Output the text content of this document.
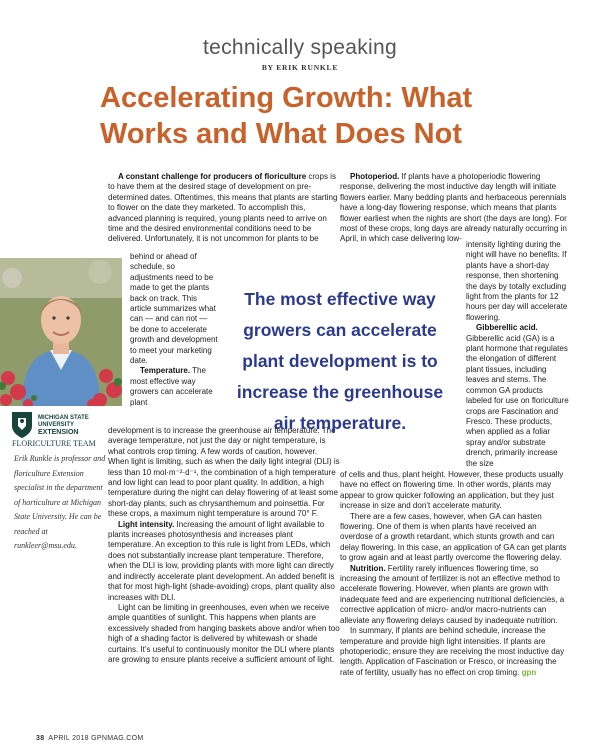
technically speaking
BY ERIK RUNKLE
Accelerating Growth: What Works and What Does Not

A constant challenge for producers of floriculture crops is to have them at the desired stage of development on pre-determined dates. Oftentimes, this means that plants are starting to flower on the date they marketed. To accomplish this, advanced planning is required, young plants need to arrive on time and the desired environmental conditions need to be delivered. Unfortunately, it is not uncommon for plants to be

behind or ahead of schedule, so adjustments need to be made to get the plants back on track. This article summarizes what can — and can not — be done to accelerate growth and development to meet your marketing date.

Temperature. The most effective way growers can accelerate plant

development is to increase the greenhouse air temperature. The average temperature, not just the day or night temperature, is what controls crop timing. A few words of caution, however. When light is limiting, such as when the daily light integral (DLI) is less than 10 mol·m⁻²·d⁻¹, the combination of a high temperature and low light can lead to poor plant quality. In addition, a high temperature during the night can delay flowering of at least some short-day plants, such as chrysanthemum and poinsettia. For these crops, a maximum night temperature is around 70° F.

Light intensity. Increasing the amount of light available to plants increases photosynthesis and increases plant temperature. An exception to this rule is light from LEDs, which does not substantially increase plant temperature. Therefore, when the DLI is low, providing plants with more light can directly and indirectly accelerate plant development. An added benefit is that for most high-light (shade-avoiding) crops, plant quality also increases with DLI.

Light can be limiting in greenhouses, even when we receive ample quantities of sunlight. This happens when plants are excessively shaded from hanging baskets above and/or when too high of a shading factor is delivered by whitewash or shade curtains. It’s useful to continuously monitor the DLI where plants are growing to ensure plants receive a sufficient amount of light.

Photoperiod. If plants have a photoperiodic flowering response, delivering the most inductive day length will initiate flowers earlier. Many bedding plants and herbaceous perennials have a long-day flowering response, which means that plants flower earliest when the nights are short (the days are long). For most of these crops, long days are already naturally occurring in April, in which case delivering low-

intensity lighting during the night will have no benefits. If plants have a short-day response, then shortening the days by totally excluding light from the plants for 12 hours per day will accelerate flowering.

Gibberellic acid. Gibberellic acid (GA) is a plant hormone that regulates the elongation of different plant tissues, including leaves and stems. The common GA products labeled for use on floriculture crops are Fascination and Fresco. These products, when applied as a foliar spray and/or substrate drench, primarily increase the size

of cells and thus, plant height. However, these products usually have no effect on flowering time. In other words, plants may appear to grow quicker following an application, but they just increase in size and don’t accelerate maturity.

There are a few cases, however, when GA can hasten flowering. One of them is when plants have received an overdose of a growth retardant, which stunts growth and can delay flowering. In this case, an application of GA can get plants to grow again and at least partly overcome the flowering delay.

Nutrition. Fertility rarely influences flowering time, so increasing the amount of fertilizer is not an effective method to accelerate flowering. However, when plants are grown with inadequate feed and are experiencing nutritional deficiencies, a corrective application of micro- and/or macro-nutrients can alleviate any flowering delays caused by inadequate nutrition.

In summary, if plants are behind schedule, increase the temperature and provide high light intensities. If plants are photoperiodic, ensure they are receiving the most inductive day length. Application of Fascination or Fresco, or increasing the rate of fertility, usually has no effect on crop timing. gpn

The most effective way growers can accelerate plant development is to increase the greenhouse air temperature.
MICHIGAN STATE
UNIVERSITY
EXTENSION
FLORICULTURE TEAM
Erik Runkle is professor and floriculture Extension specialist in the department of horticulture at Michigan State University. He can be reached at runkleer@msu.edu.
38 APRIL 2018 GPNMAG.COM
